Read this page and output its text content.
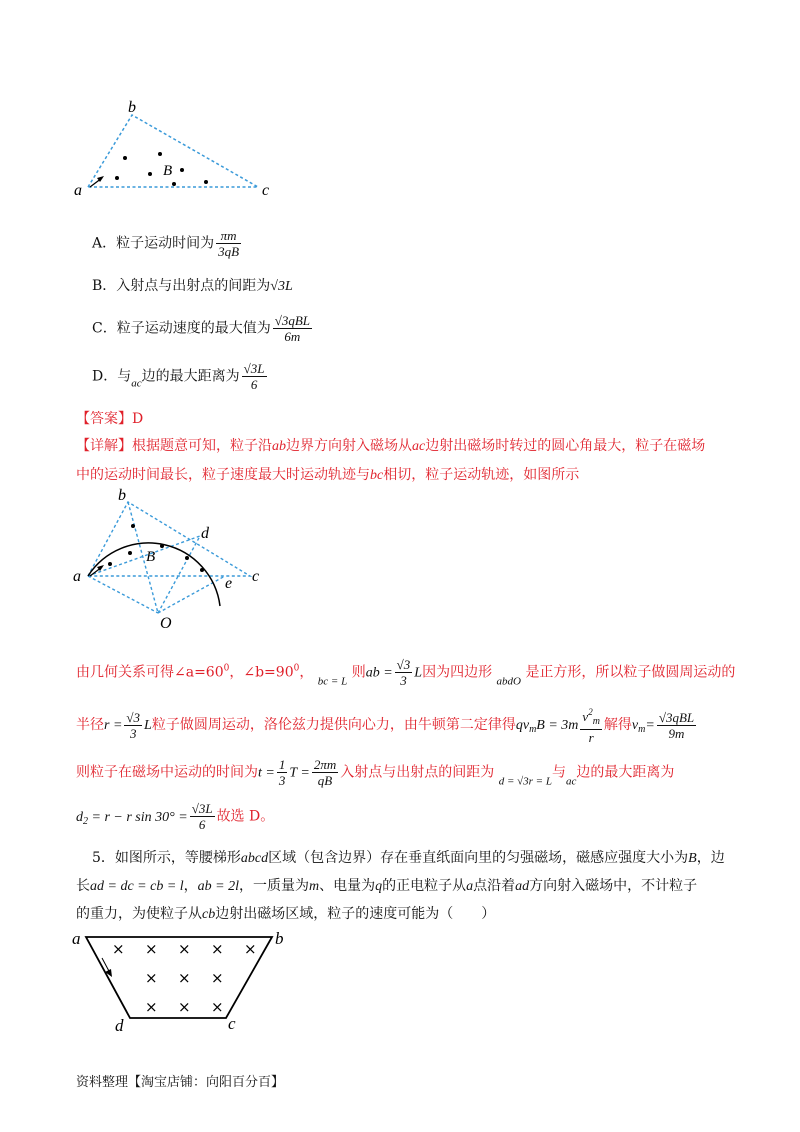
a
b
c
B
A．粒子运动时间为 $\frac{\pi m}{3qB}$
B．入射点与出射点的间距为√3L
C．粒子运动速度的最大值为 $\frac{\text{√3qBL}}{6m}$
D．与$_{ac}$边的最大距离为 $\frac{√3L}{6}$
【答案】D
【详解】根据题意可知，粒子沿ab边界方向射入磁场从ac边射出磁场时转过的圆心角最大，粒子在磁场
中的运动时间最长，粒子速度最大时运动轨迹与bc相切，粒子运动轨迹，如图所示
a
b
c
d
e
O
B
由几何关系可得$\angle a=60^0$，$\angle b=90^0$， $_{bc = L}$ 则ab = $\frac{√3}{3}$ L因为四边形 $_{abdO}$ 是正方形，所以粒子做圆周运动的
半径$r = \frac{√3}{3}$ L粒子做圆周运动，洛伦兹力提供向心力，由牛顿第二定律得$qv_mB = 3m \frac{v^2_m}{r}$ 解得$v_m= \frac{\text{√3qBL}}{9m}$
则粒子在磁场中运动的时间为$t = \frac{1}{3}$ $T = \frac{2\pi m}{qB}$ 入射点与出射点的间距为 $_{d = √3r = L}$与$_{ac}$边的最大距离为
$d_2 = r - r$ $\sin 30^\circ = \frac{√3L}{6}$ 故选 D。
5．如图所示，等腰梯形abcd区域（包含边界）存在垂直纸面向里的匀强磁场，磁感应强度大小为B，边
长ad = dc = cb = l，ab = 2l，一质量为m、电量为q的正电粒子从a点沿着ad方向射入磁场中，不计粒子
的重力，为使粒子从cb边射出磁场区域，粒子的速度可能为（　　）
× × × × ×
× × ×
× × ×
a	b
c
d
资料整理【淘宝店铺：向阳百分百】
